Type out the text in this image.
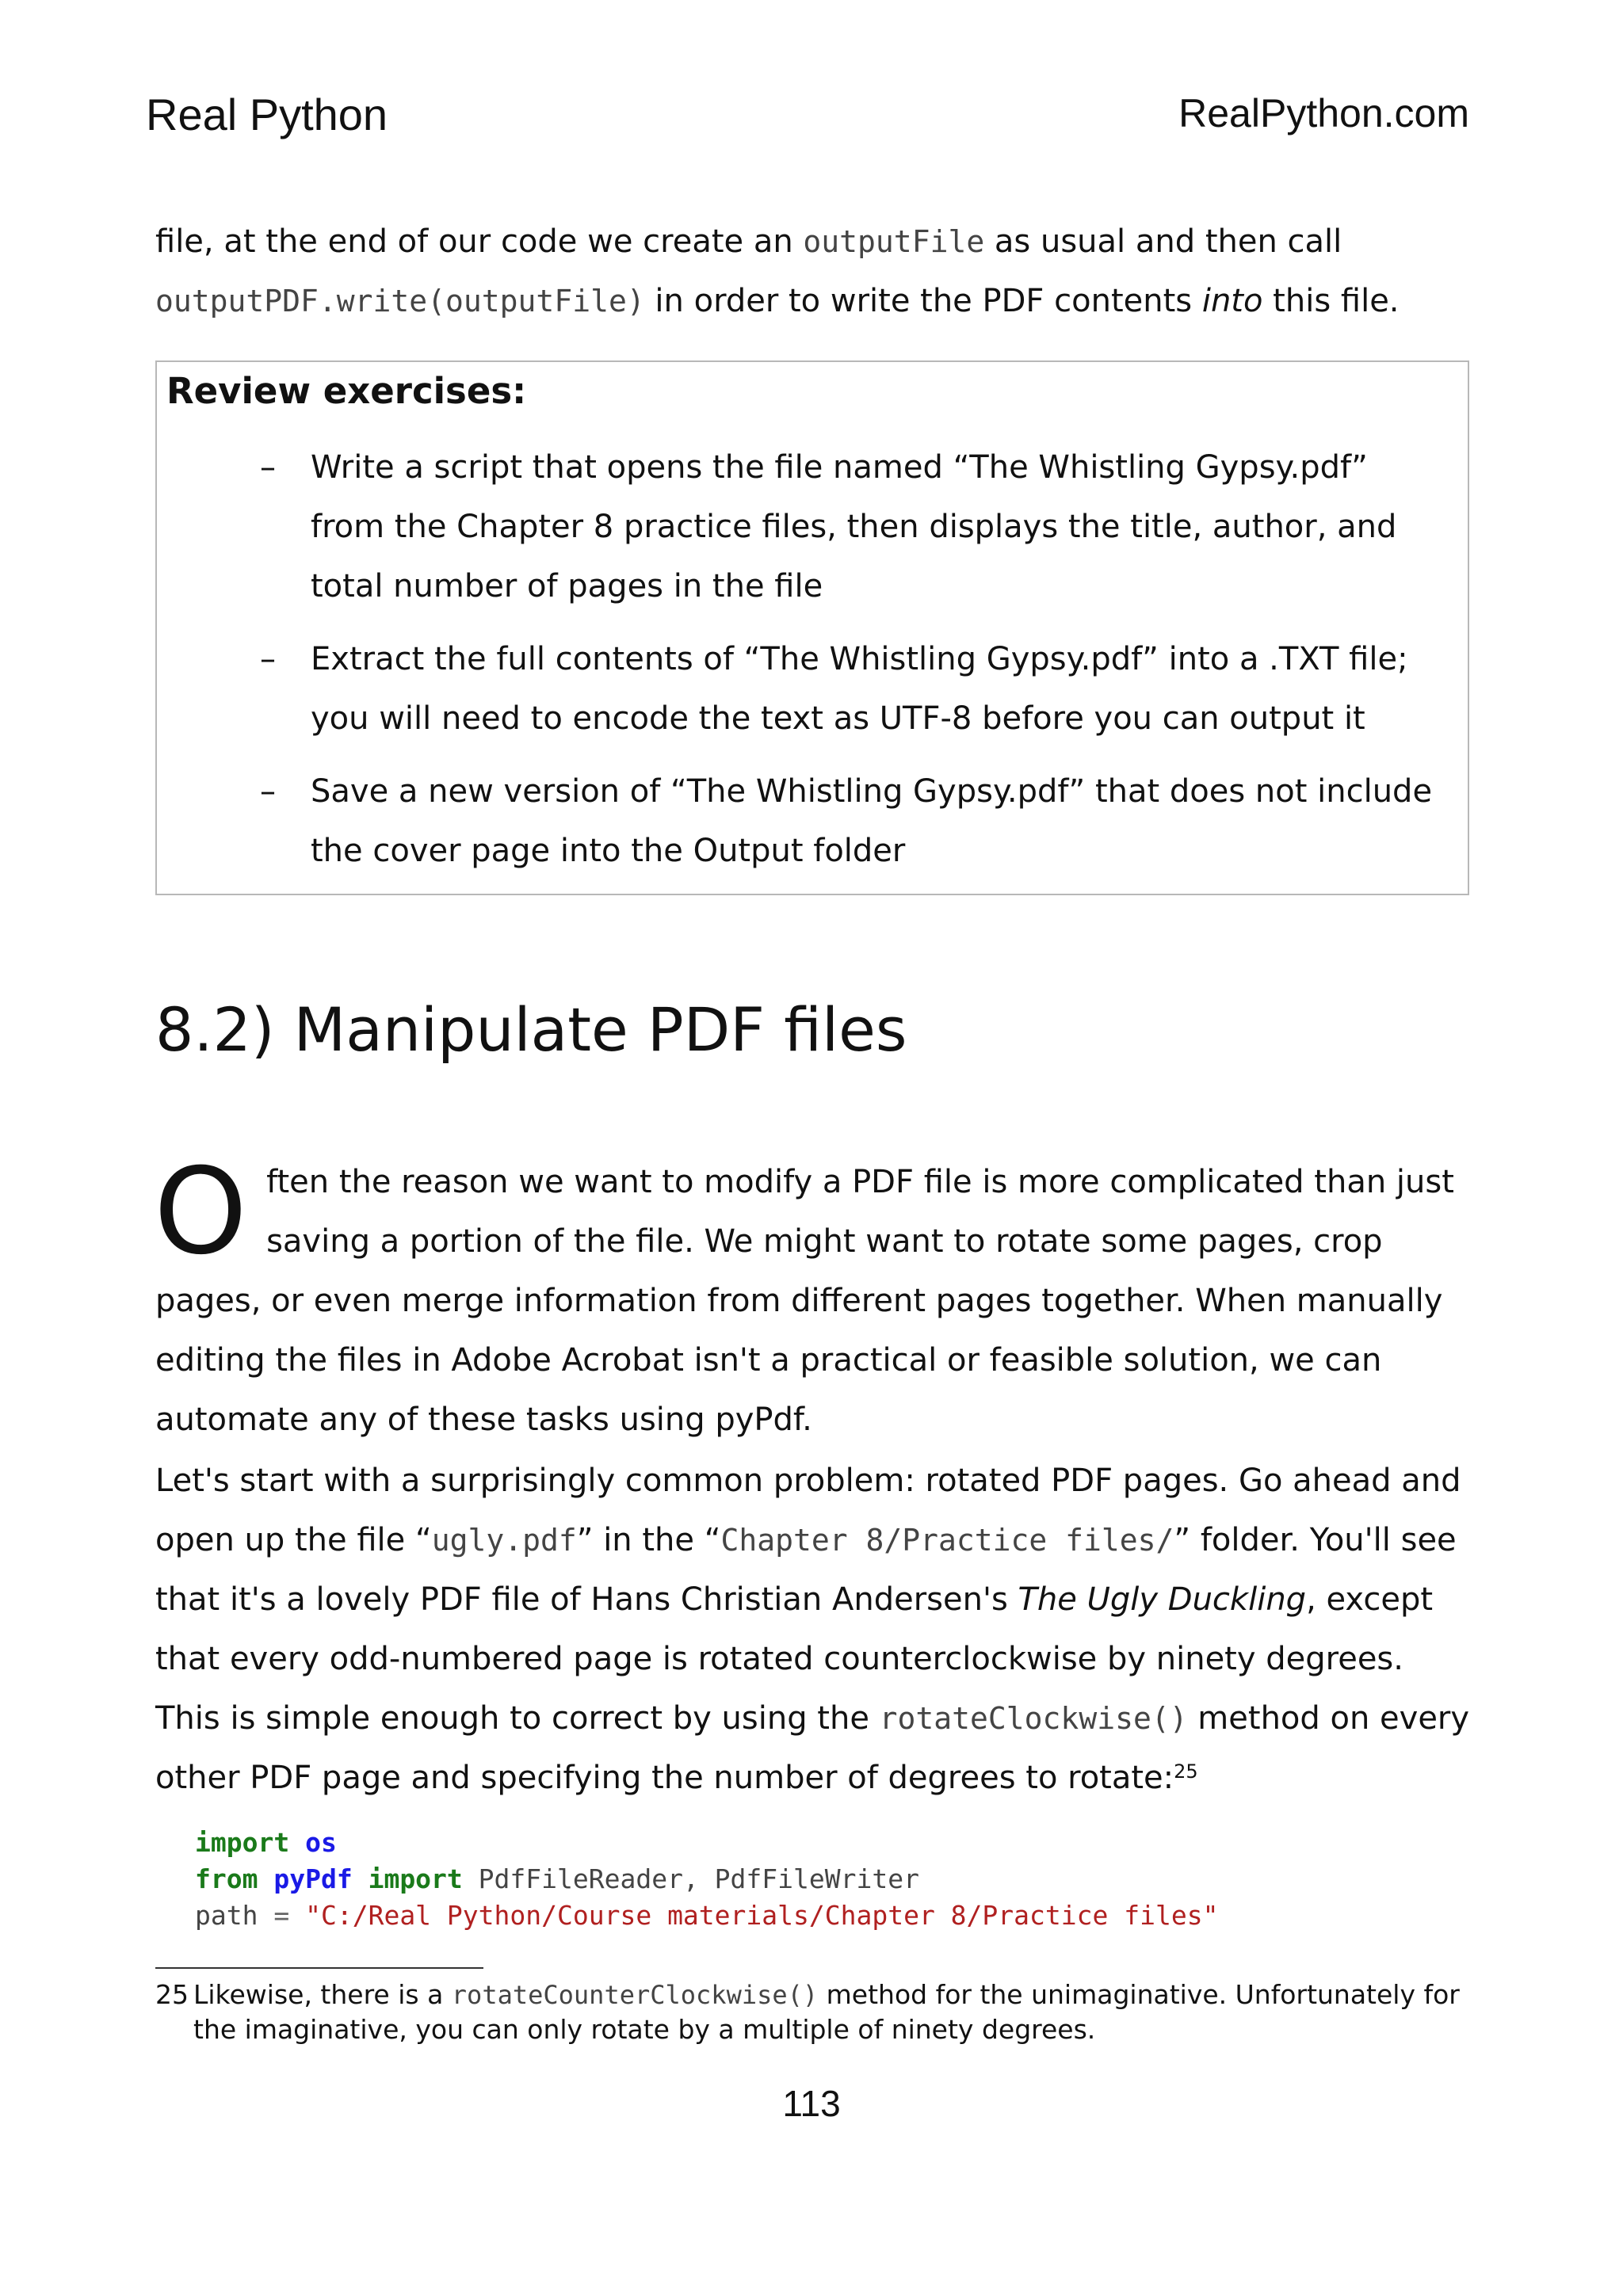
Real Python	RealPython.com

file, at the end of our code we create an outputFile as usual and then call
outputPDF.write(outputFile) in order to write the PDF contents into this file.

Review exercises:
– Write a script that opens the file named “The Whistling Gypsy.pdf” from the Chapter 8 practice files, then displays the title, author, and total number of pages in the file
– Extract the full contents of “The Whistling Gypsy.pdf” into a .TXT file; you will need to encode the text as UTF-8 before you can output it
– Save a new version of “The Whistling Gypsy.pdf” that does not include the cover page into the Output folder
8.2) Manipulate PDF files

Often the reason we want to modify a PDF file is more complicated than just saving a portion of the file. We might want to rotate some pages, crop pages, or even merge information from different pages together. When manually editing the files in Adobe Acrobat isn't a practical or feasible solution, we can automate any of these tasks using pyPdf.

Let's start with a surprisingly common problem: rotated PDF pages. Go ahead and open up the file “ugly.pdf” in the “Chapter 8/Practice files/” folder. You'll see that it's a lovely PDF file of Hans Christian Andersen's The Ugly Duckling, except that every odd-numbered page is rotated counterclockwise by ninety degrees. This is simple enough to correct by using the rotateClockwise() method on every other PDF page and specifying the number of degrees to rotate:$^{25}$

import os
from pyPdf import PdfFileReader, PdfFileWriter
path = "C:/Real Python/Course materials/Chapter 8/Practice files"

25 Likewise, there is a rotateCounterClockwise() method for the unimaginative. Unfortunately for
the imaginative, you can only rotate by a multiple of ninety degrees.

113
